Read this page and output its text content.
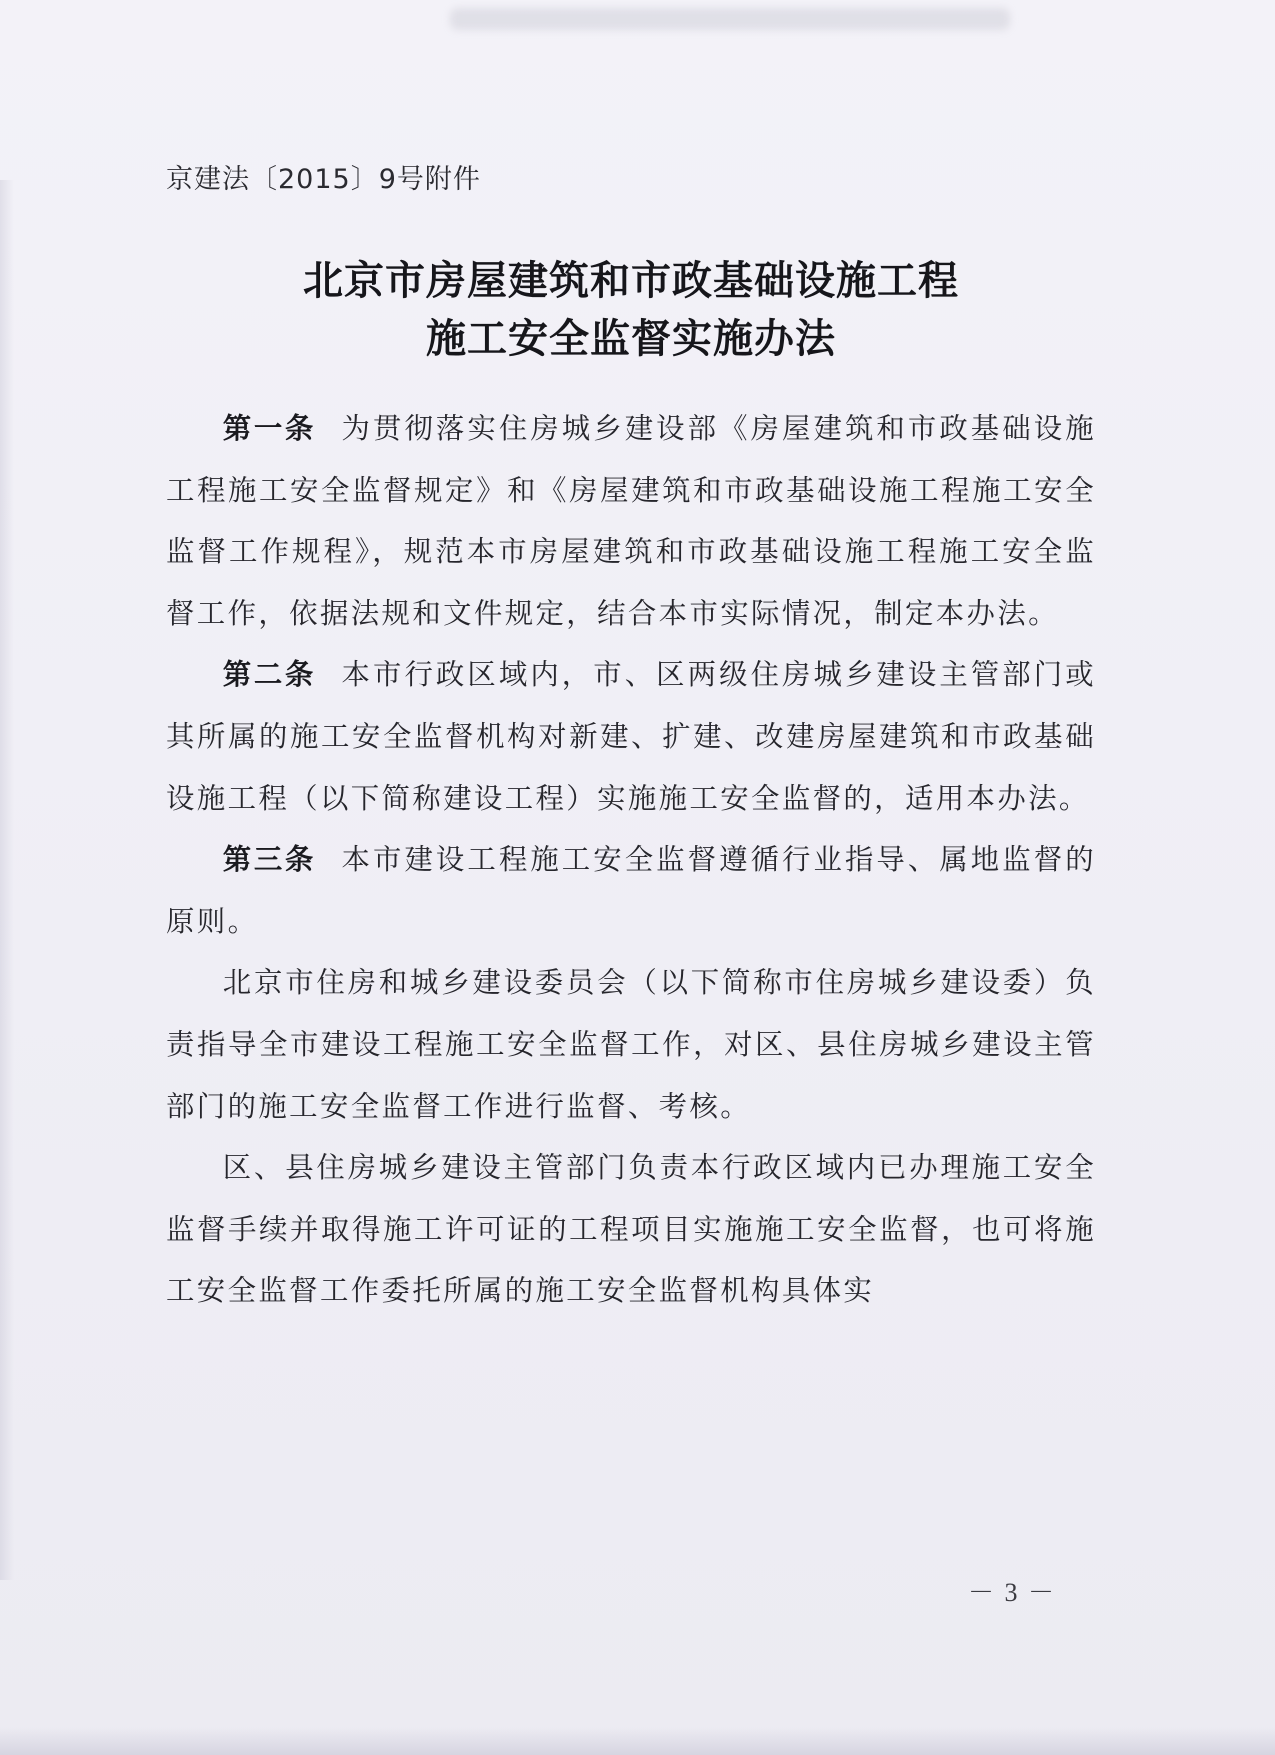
京建法〔2015〕9号附件
北京市房屋建筑和市政基础设施工程
施工安全监督实施办法

第一条 为贯彻落实住房城乡建设部《房屋建筑和市政基础设施工程施工安全监督规定》和《房屋建筑和市政基础设施工程施工安全监督工作规程》，规范本市房屋建筑和市政基础设施工程施工安全监督工作，依据法规和文件规定，结合本市实际情况，制定本办法。

第二条 本市行政区域内，市、区两级住房城乡建设主管部门或其所属的施工安全监督机构对新建、扩建、改建房屋建筑和市政基础设施工程（以下简称建设工程）实施施工安全监督的，适用本办法。

第三条 本市建设工程施工安全监督遵循行业指导、属地监督的原则。

北京市住房和城乡建设委员会（以下简称市住房城乡建设委）负责指导全市建设工程施工安全监督工作，对区、县住房城乡建设主管部门的施工安全监督工作进行监督、考核。

区、县住房城乡建设主管部门负责本行政区域内已办理施工安全监督手续并取得施工许可证的工程项目实施施工安全监督，也可将施工安全监督工作委托所属的施工安全监督机构具体实

－ 3 －
